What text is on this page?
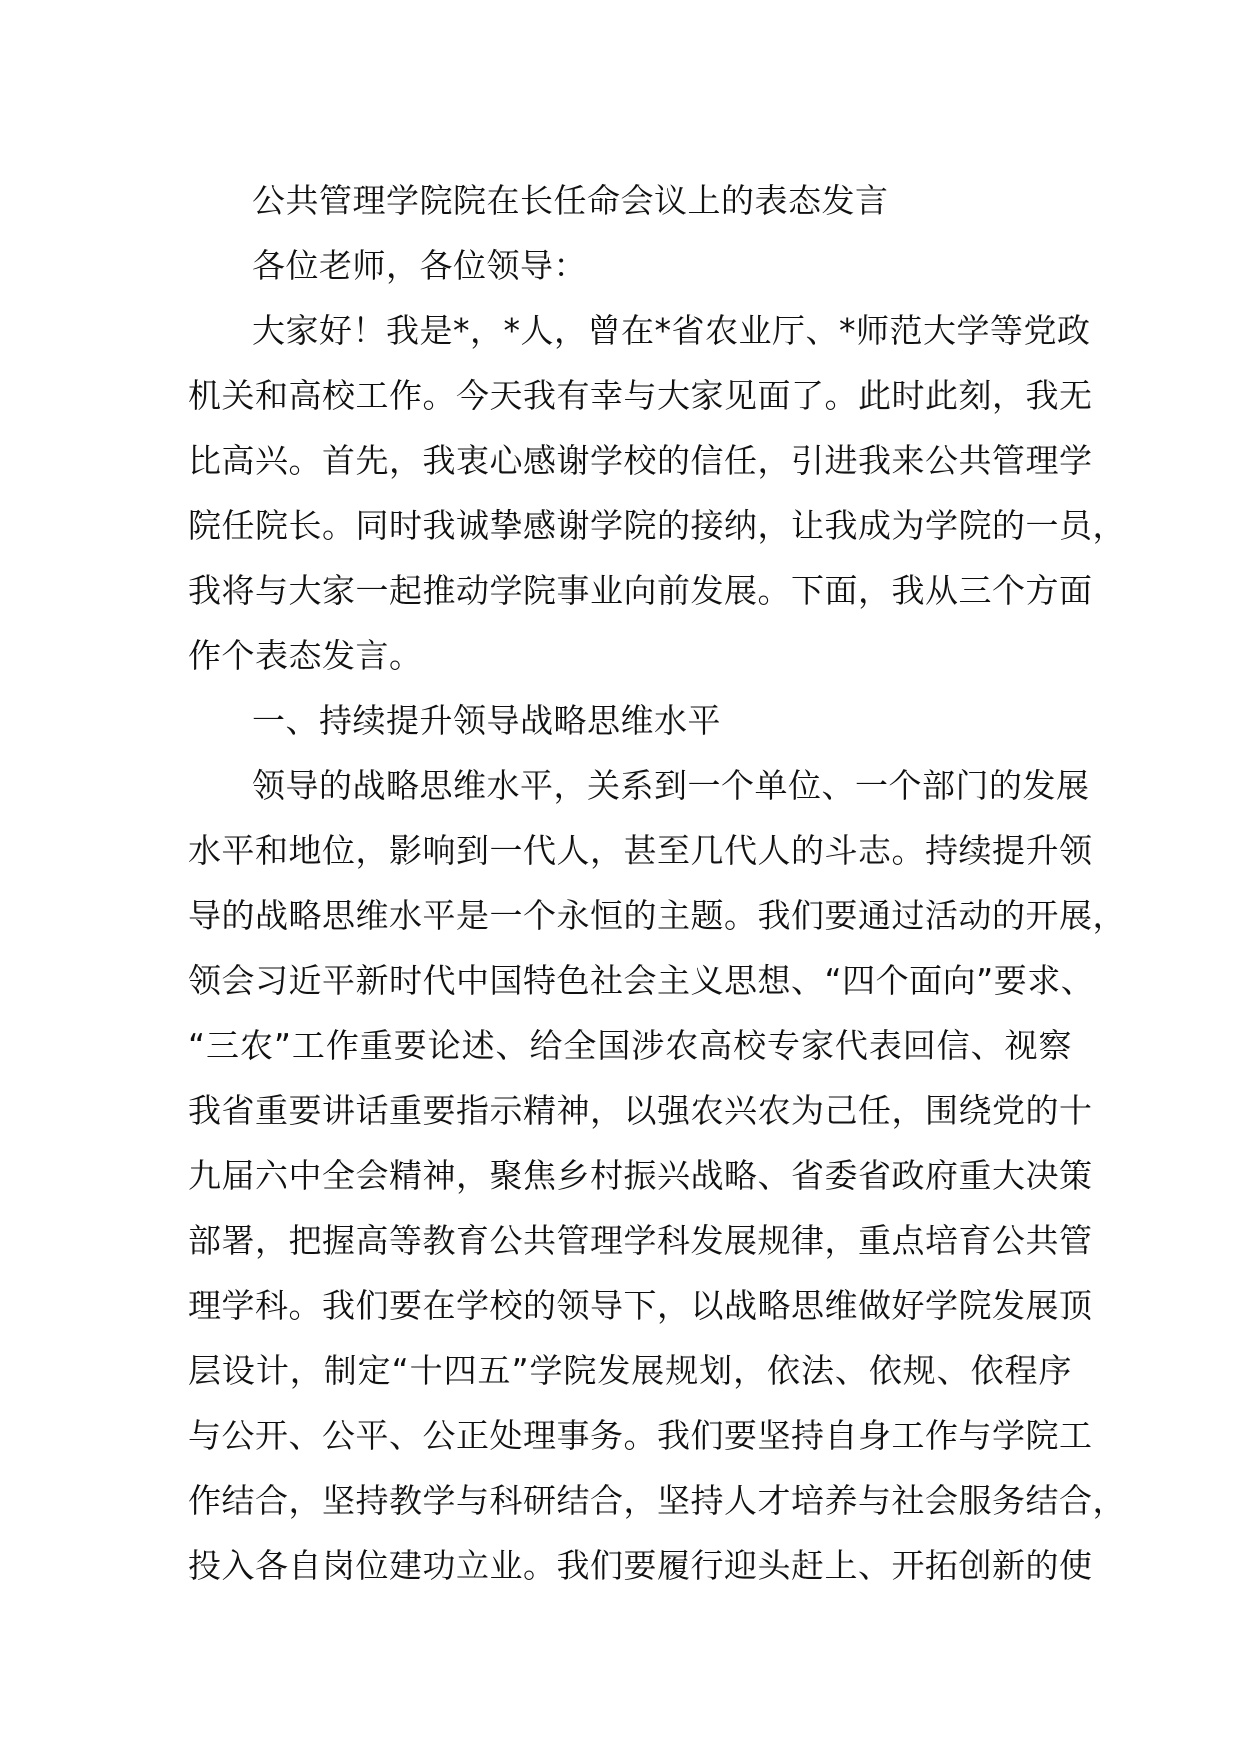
公共管理学院院在长任命会议上的表态发言
各位老师，各位领导：
大家好！我是*，*人，曾在*省农业厅、*师范大学等党政
机关和高校工作。今天我有幸与大家见面了。此时此刻，我无
比高兴。首先，我衷心感谢学校的信任，引进我来公共管理学
院任院长。同时我诚挚感谢学院的接纳，让我成为学院的一员，
我将与大家一起推动学院事业向前发展。下面，我从三个方面
作个表态发言。
一、持续提升领导战略思维水平
领导的战略思维水平，关系到一个单位、一个部门的发展
水平和地位，影响到一代人，甚至几代人的斗志。持续提升领
导的战略思维水平是一个永恒的主题。我们要通过活动的开展，
领会习近平新时代中国特色社会主义思想、“四个面向”要求、
“三农”工作重要论述、给全国涉农高校专家代表回信、视察
我省重要讲话重要指示精神，以强农兴农为己任，围绕党的十
九届六中全会精神，聚焦乡村振兴战略、省委省政府重大决策
部署，把握高等教育公共管理学科发展规律，重点培育公共管
理学科。我们要在学校的领导下，以战略思维做好学院发展顶
层设计，制定“十四五”学院发展规划，依法、依规、依程序
与公开、公平、公正处理事务。我们要坚持自身工作与学院工
作结合，坚持教学与科研结合，坚持人才培养与社会服务结合，
投入各自岗位建功立业。我们要履行迎头赶上、开拓创新的使
